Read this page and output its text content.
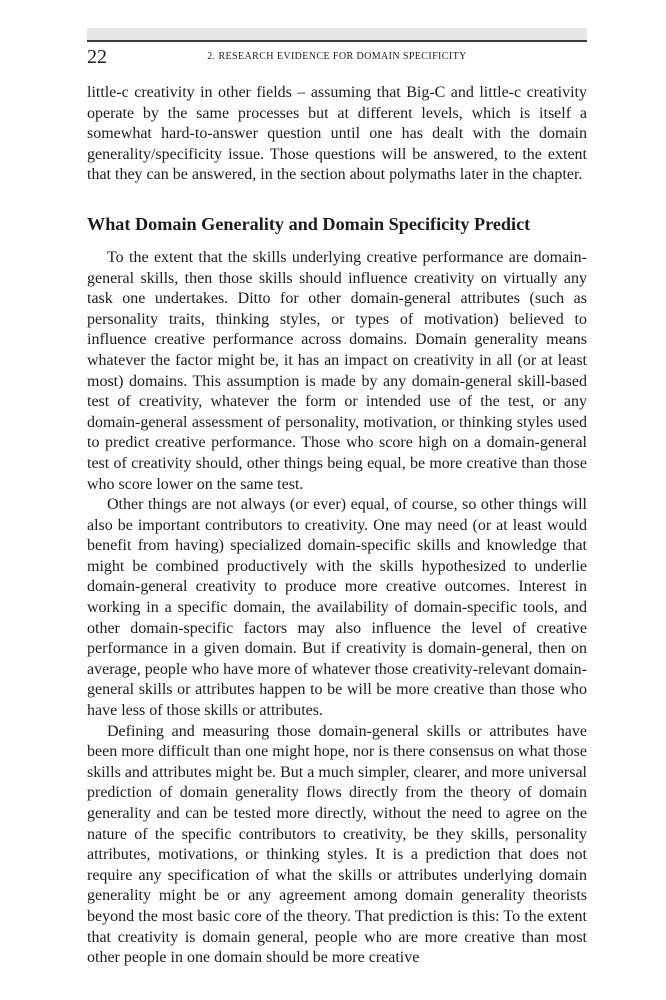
22	2. RESEARCH EVIDENCE FOR DOMAIN SPECIFICITY

little-c creativity in other fields – assuming that Big-C and little-c creativity operate by the same processes but at different levels, which is itself a somewhat hard-to-answer question until one has dealt with the domain generality/specificity issue. Those questions will be answered, to the extent that they can be answered, in the section about polymaths later in the chapter.

What Domain Generality and Domain Specificity Predict

To the extent that the skills underlying creative performance are domain-general skills, then those skills should influence creativity on virtually any task one undertakes. Ditto for other domain-general attributes (such as personality traits, thinking styles, or types of motivation) believed to influence creative performance across domains. Domain generality means whatever the factor might be, it has an impact on creativity in all (or at least most) domains. This assumption is made by any domain-general skill-based test of creativity, whatever the form or intended use of the test, or any domain-general assessment of personality, motivation, or thinking styles used to predict creative performance. Those who score high on a domain-general test of creativity should, other things being equal, be more creative than those who score lower on the same test.

Other things are not always (or ever) equal, of course, so other things will also be important contributors to creativity. One may need (or at least would benefit from having) specialized domain-specific skills and knowledge that might be combined productively with the skills hypothesized to underlie domain-general creativity to produce more creative outcomes. Interest in working in a specific domain, the availability of domain-specific tools, and other domain-specific factors may also influence the level of creative performance in a given domain. But if creativity is domain-general, then on average, people who have more of whatever those creativity-relevant domain-general skills or attributes happen to be will be more creative than those who have less of those skills or attributes.

Defining and measuring those domain-general skills or attributes have been more difficult than one might hope, nor is there consensus on what those skills and attributes might be. But a much simpler, clearer, and more universal prediction of domain generality flows directly from the theory of domain generality and can be tested more directly, without the need to agree on the nature of the specific contributors to creativity, be they skills, personality attributes, motivations, or thinking styles. It is a prediction that does not require any specification of what the skills or attributes underlying domain generality might be or any agreement among domain generality theorists beyond the most basic core of the theory. That prediction is this: To the extent that creativity is domain general, people who are more creative than most other people in one domain should be more creative
